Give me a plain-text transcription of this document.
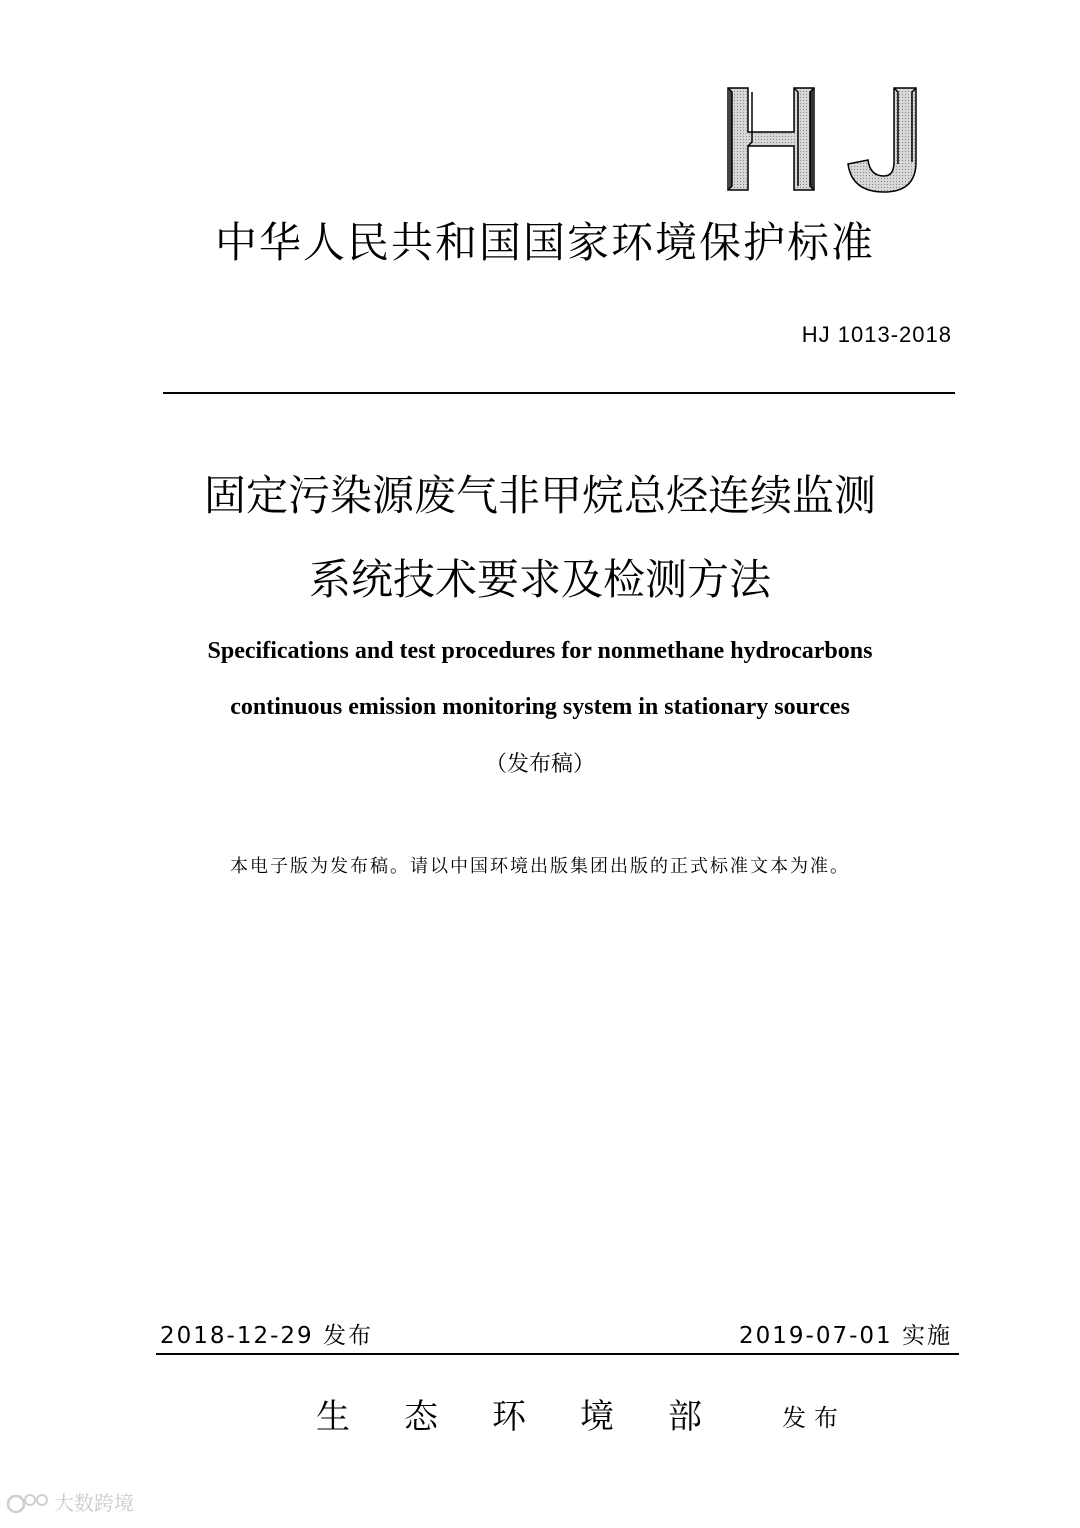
中华人民共和国国家环境保护标准
HJ 1013-2018
固定污染源废气非甲烷总烃连续监测
系统技术要求及检测方法
Specifications and test procedures for nonmethane hydrocarbons
continuous emission monitoring system in stationary sources
（发布稿）
本电子版为发布稿。请以中国环境出版集团出版的正式标准文本为准。
2018-12-29 发布	2019-07-01 实施
生态环境部 发布
大数跨境
